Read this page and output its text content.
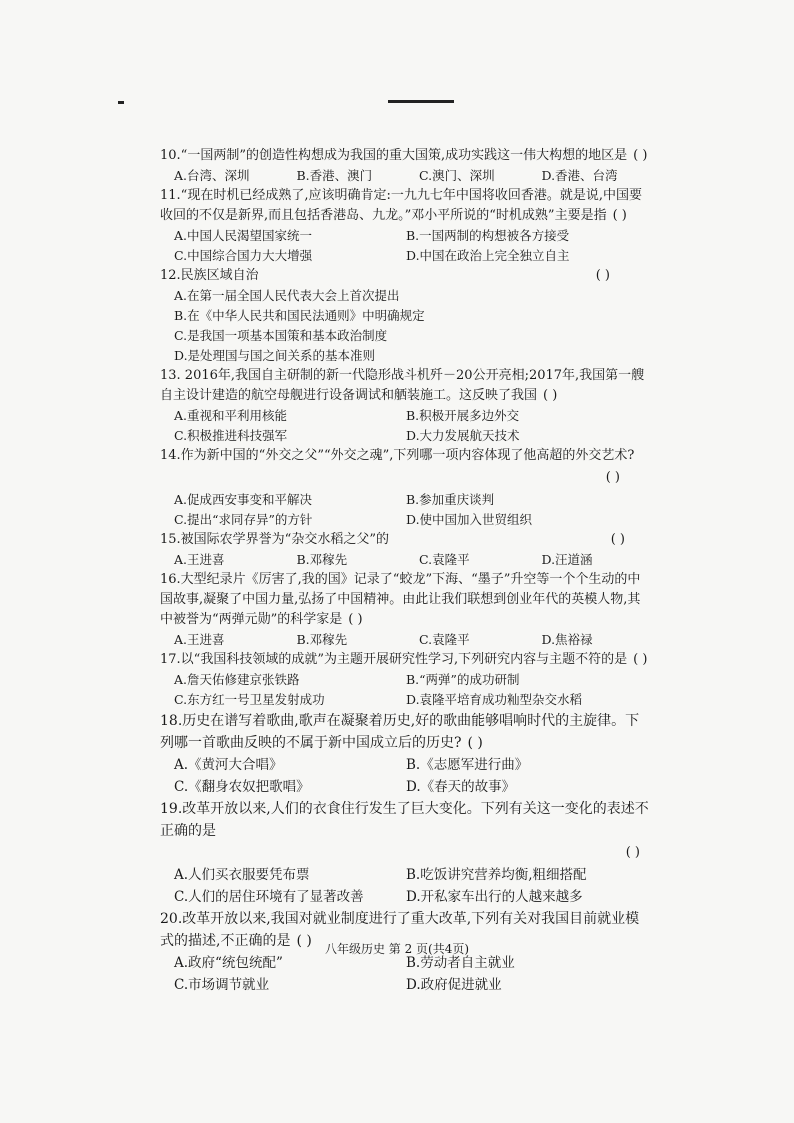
10.“一国两制”的创造性构想成为我国的重大国策,成功实践这一伟大构想的地区是 ( )
A.台湾、深圳	B.香港、澳门	C.澳门、深圳	D.香港、台湾
11.“现在时机已经成熟了,应该明确肯定:一九九七年中国将收回香港。就是说,中国要收回的不仅是新界,而且包括香港岛、九龙。”邓小平所说的“时机成熟”主要是指 ( )
A.中国人民渴望国家统一	B.一国两制的构想被各方接受
C.中国综合国力大大增强	D.中国在政治上完全独立自主
12.民族区域自治	( )
A.在第一届全国人民代表大会上首次提出
B.在《中华人民共和国民法通则》中明确规定
C.是我国一项基本国策和基本政治制度
D.是处理国与国之间关系的基本准则
13. 2016年,我国自主研制的新一代隐形战斗机歼－20公开亮相;2017年,我国第一艘自主设计建造的航空母舰进行设备调试和舾装施工。这反映了我国 ( )
A.重视和平利用核能	B.积极开展多边外交
C.积极推进科技强军	D.大力发展航天技术
14.作为新中国的“外交之父”“外交之魂”,下列哪一项内容体现了他高超的外交艺术?
( )
A.促成西安事变和平解决	B.参加重庆谈判
C.提出“求同存异”的方针	D.使中国加入世贸组织
15.被国际农学界誉为“杂交水稻之父”的	( )
A.王进喜	B.邓稼先	C.袁隆平	D.汪道涵
16.大型纪录片《厉害了,我的国》记录了“蛟龙”下海、“墨子”升空等一个个生动的中国故事,凝聚了中国力量,弘扬了中国精神。由此让我们联想到创业年代的英模人物,其中被誉为“两弹元勋”的科学家是 ( )
A.王进喜	B.邓稼先	C.袁隆平	D.焦裕禄
17.以“我国科技领域的成就”为主题开展研究性学习,下列研究内容与主题不符的是 ( )
A.詹天佑修建京张铁路	B.“两弹”的成功研制
C.东方红一号卫星发射成功	D.袁隆平培育成功籼型杂交水稻
18.历史在谱写着歌曲,歌声在凝聚着历史,好的歌曲能够唱响时代的主旋律。下列哪一首歌曲反映的不属于新中国成立后的历史? ( )
A.《黄河大合唱》	B.《志愿军进行曲》
C.《翻身农奴把歌唱》	D.《春天的故事》
19.改革开放以来,人们的衣食住行发生了巨大变化。下列有关这一变化的表述不正确的是
( )
A.人们买衣服要凭布票	B.吃饭讲究营养均衡,粗细搭配
C.人们的居住环境有了显著改善	D.开私家车出行的人越来越多
20.改革开放以来,我国对就业制度进行了重大改革,下列有关对我国目前就业模式的描述,不正确的是 ( )
A.政府“统包统配”	B.劳动者自主就业
C.市场调节就业	D.政府促进就业
八年级历史 第 2 页(共4页)
